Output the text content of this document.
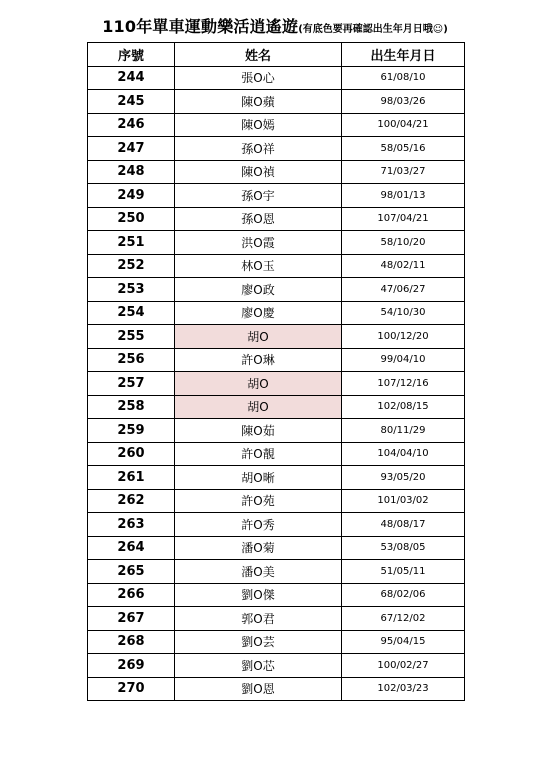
110年單車運動樂活逍遙遊(有底色要再確認出生年月日哦☺)
序號	姓名	出生年月日
244	張O心	61/08/10
245	陳O蘋	98/03/26
246	陳O嫣	100/04/21
247	孫O祥	58/05/16
248	陳O禎	71/03/27
249	孫O宇	98/01/13
250	孫O恩	107/04/21
251	洪O霞	58/10/20
252	林O玉	48/02/11
253	廖O政	47/06/27
254	廖O慶	54/10/30
255	胡O	100/12/20
256	許O琳	99/04/10
257	胡O	107/12/16
258	胡O	102/08/15
259	陳O茹	80/11/29
260	許O靚	104/04/10
261	胡O晰	93/05/20
262	許O苑	101/03/02
263	許O秀	48/08/17
264	潘O菊	53/08/05
265	潘O美	51/05/11
266	劉O傑	68/02/06
267	郭O君	67/12/02
268	劉O芸	95/04/15
269	劉O芯	100/02/27
270	劉O恩	102/03/23
